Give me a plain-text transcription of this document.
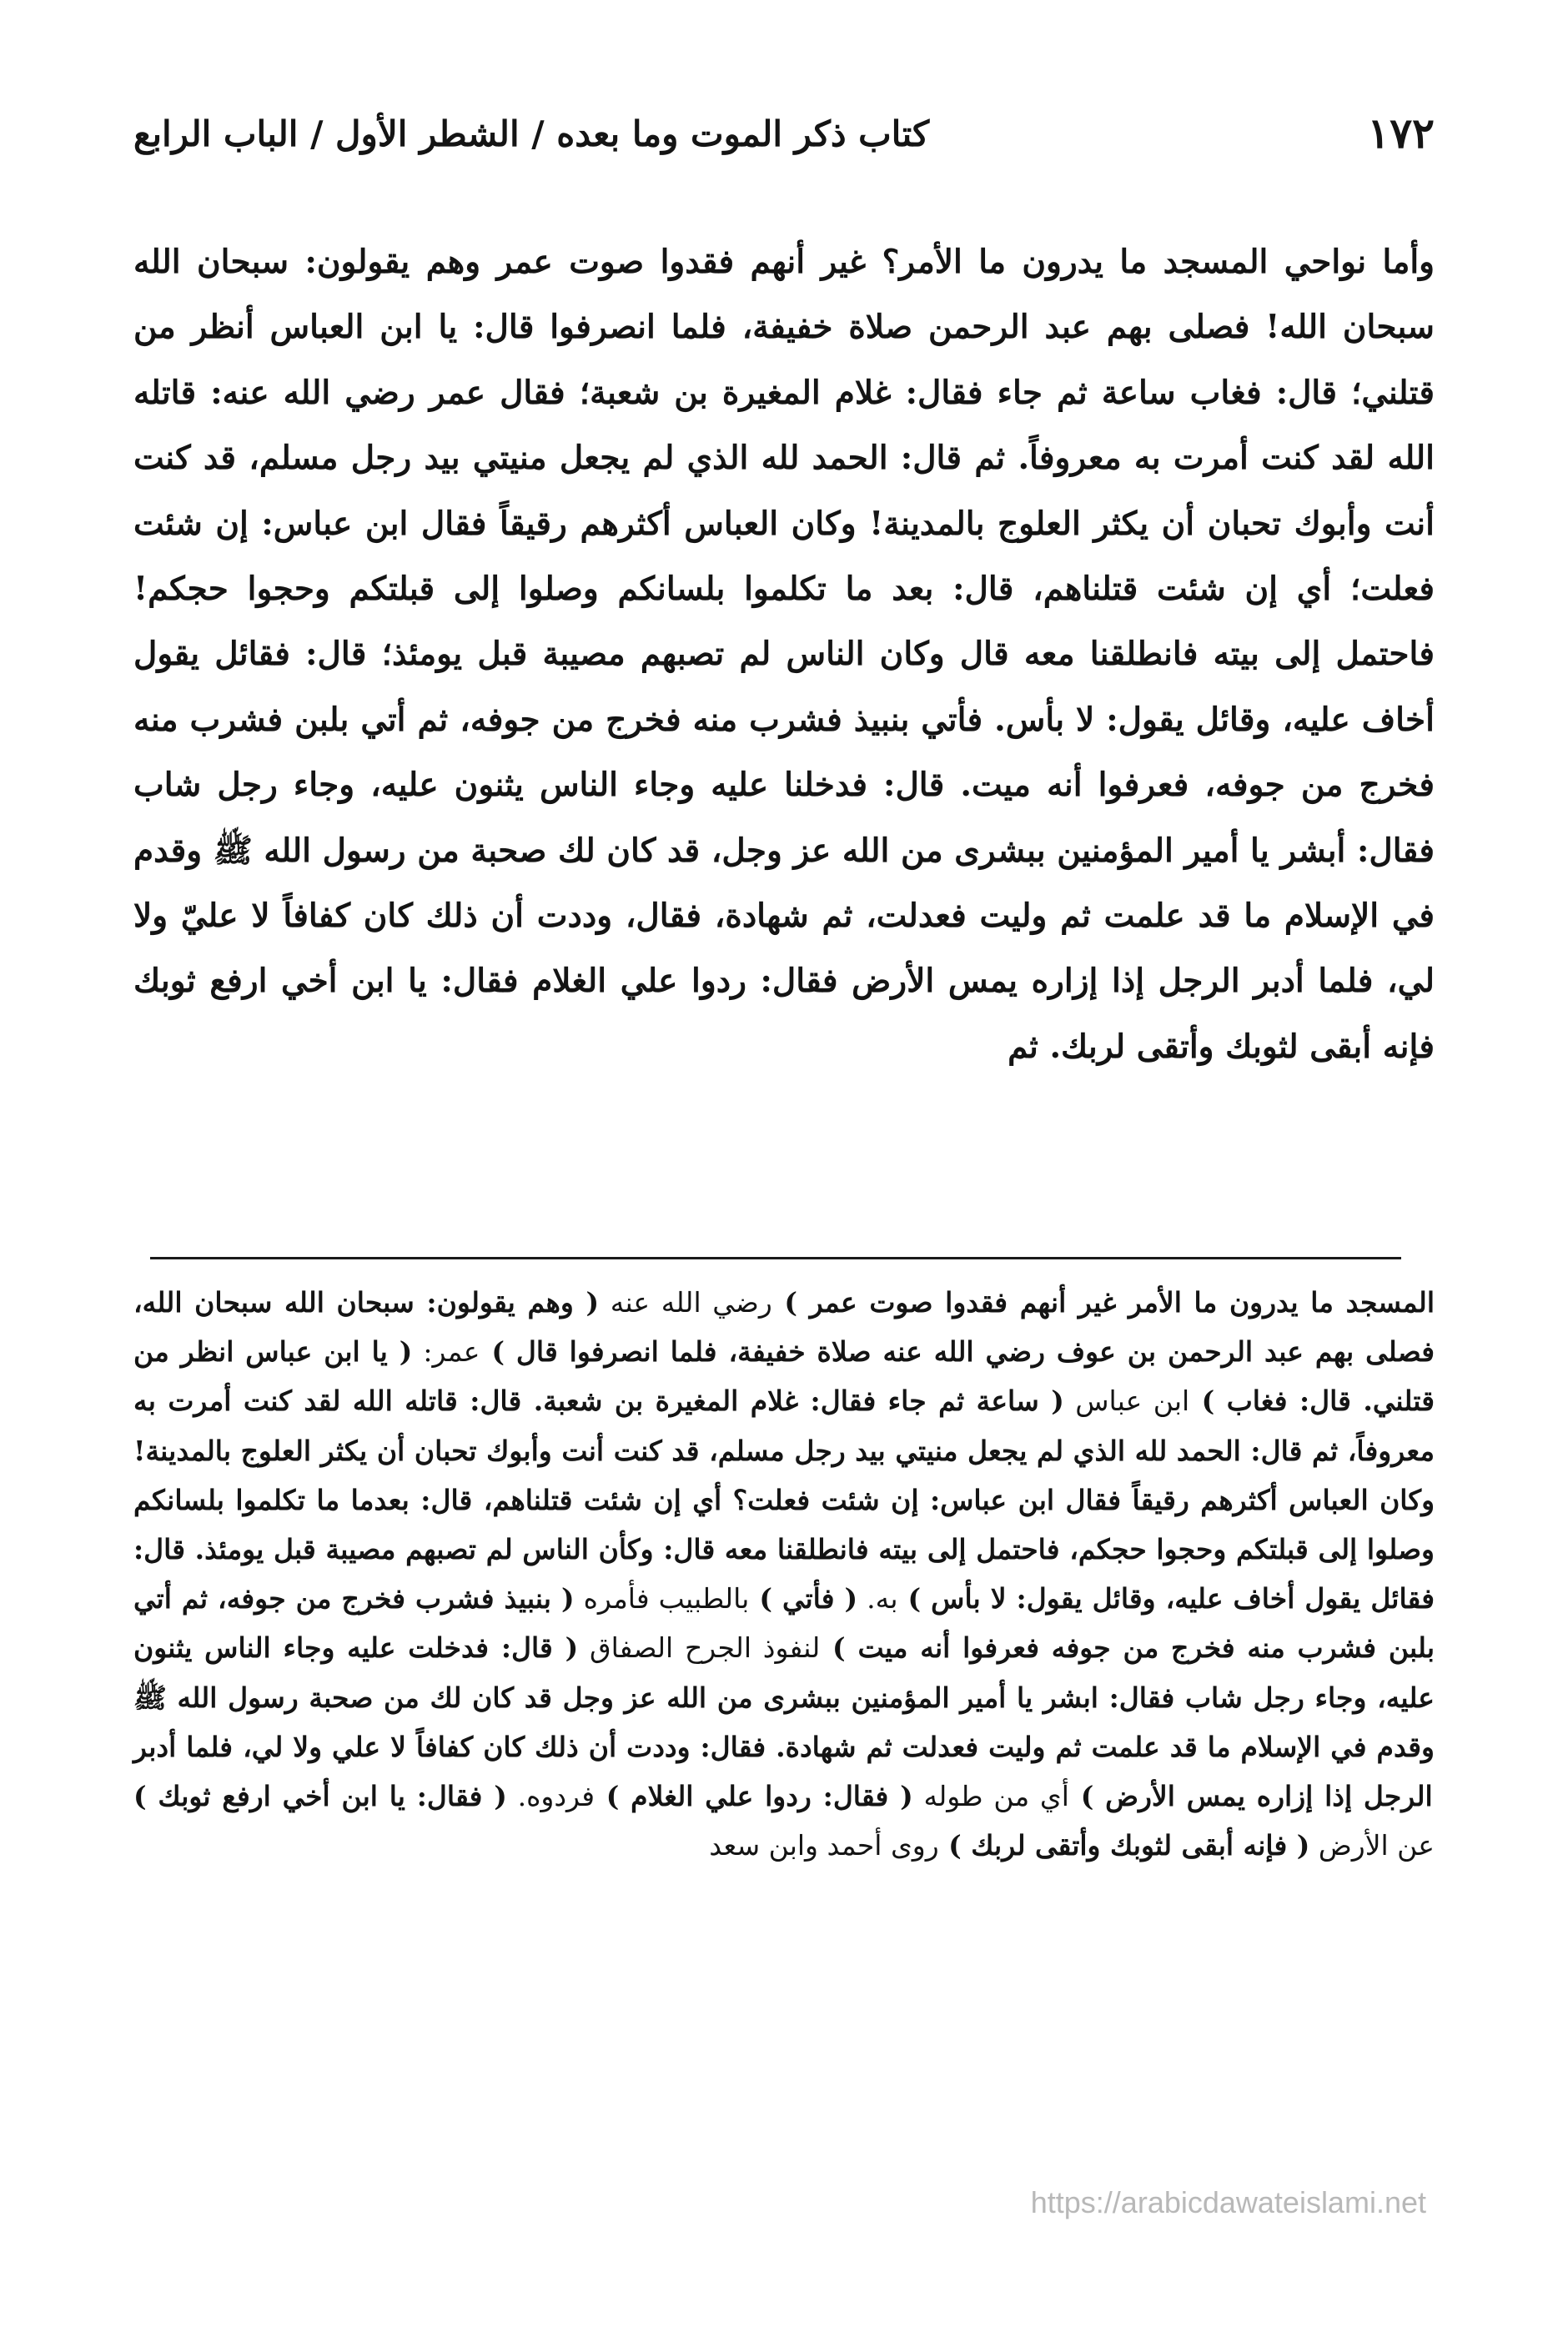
١٧٢
كتاب ذكر الموت وما بعده / الشطر الأول / الباب الرابع

وأما نواحي المسجد ما يدرون ما الأمر؟ غير أنهم فقدوا صوت عمر وهم يقولون: سبحان الله سبحان الله! فصلى بهم عبد الرحمن صلاة خفيفة، فلما انصرفوا قال: يا ابن العباس أنظر من قتلني؛ قال: فغاب ساعة ثم جاء فقال: غلام المغيرة بن شعبة؛ فقال عمر رضي الله عنه: قاتله الله لقد كنت أمرت به معروفاً. ثم قال: الحمد لله الذي لم يجعل منيتي بيد رجل مسلم، قد كنت أنت وأبوك تحبان أن يكثر العلوج بالمدينة! وكان العباس أكثرهم رقيقاً فقال ابن عباس: إن شئت فعلت؛ أي إن شئت قتلناهم، قال: بعد ما تكلموا بلسانكم وصلوا إلى قبلتكم وحجوا حجكم! فاحتمل إلى بيته فانطلقنا معه قال وكان الناس لم تصبهم مصيبة قبل يومئذ؛ قال: فقائل يقول أخاف عليه، وقائل يقول: لا بأس. فأتي بنبيذ فشرب منه فخرج من جوفه، ثم أتي بلبن فشرب منه فخرج من جوفه، فعرفوا أنه ميت. قال: فدخلنا عليه وجاء الناس يثنون عليه، وجاء رجل شاب فقال: أبشر يا أمير المؤمنين ببشرى من الله عز وجل، قد كان لك صحبة من رسول الله ﷺ وقدم في الإسلام ما قد علمت ثم وليت فعدلت، ثم شهادة، فقال، وددت أن ذلك كان كفافاً لا عليّ ولا لي، فلما أدبر الرجل إذا إزاره يمس الأرض فقال: ردوا علي الغلام فقال: يا ابن أخي ارفع ثوبك فإنه أبقى لثوبك وأتقى لربك. ثم

المسجد ما يدرون ما الأمر غير أنهم فقدوا صوت عمر ) رضي الله عنه ( وهم يقولون: سبحان الله سبحان الله، فصلى بهم عبد الرحمن بن عوف رضي الله عنه صلاة خفيفة، فلما انصرفوا قال ) عمر: ( يا ابن عباس انظر من قتلني. قال: فغاب ) ابن عباس ( ساعة ثم جاء فقال: غلام المغيرة بن شعبة. قال: قاتله الله لقد كنت أمرت به معروفاً، ثم قال: الحمد لله الذي لم يجعل منيتي بيد رجل مسلم، قد كنت أنت وأبوك تحبان أن يكثر العلوج بالمدينة! وكان العباس أكثرهم رقيقاً فقال ابن عباس: إن شئت فعلت؟ أي إن شئت قتلناهم، قال: بعدما ما تكلموا بلسانكم وصلوا إلى قبلتكم وحجوا حجكم، فاحتمل إلى بيته فانطلقنا معه قال: وكأن الناس لم تصبهم مصيبة قبل يومئذ. قال: فقائل يقول أخاف عليه، وقائل يقول: لا بأس ) به. ( فأتي ) بالطبيب فأمره ( بنبيذ فشرب فخرج من جوفه، ثم أتي بلبن فشرب منه فخرج من جوفه فعرفوا أنه ميت ) لنفوذ الجرح الصفاق ( قال: فدخلت عليه وجاء الناس يثنون عليه، وجاء رجل شاب فقال: ابشر يا أمير المؤمنين ببشرى من الله عز وجل قد كان لك من صحبة رسول الله ﷺ وقدم في الإسلام ما قد علمت ثم وليت فعدلت ثم شهادة. فقال: وددت أن ذلك كان كفافاً لا علي ولا لي، فلما أدبر الرجل إذا إزاره يمس الأرض ) أي من طوله ( فقال: ردوا علي الغلام ) فردوه. ( فقال: يا ابن أخي ارفع ثوبك ) عن الأرض ( فإنه أبقى لثوبك وأتقى لربك ) روى أحمد وابن سعد

https://arabicdawateislami.net
